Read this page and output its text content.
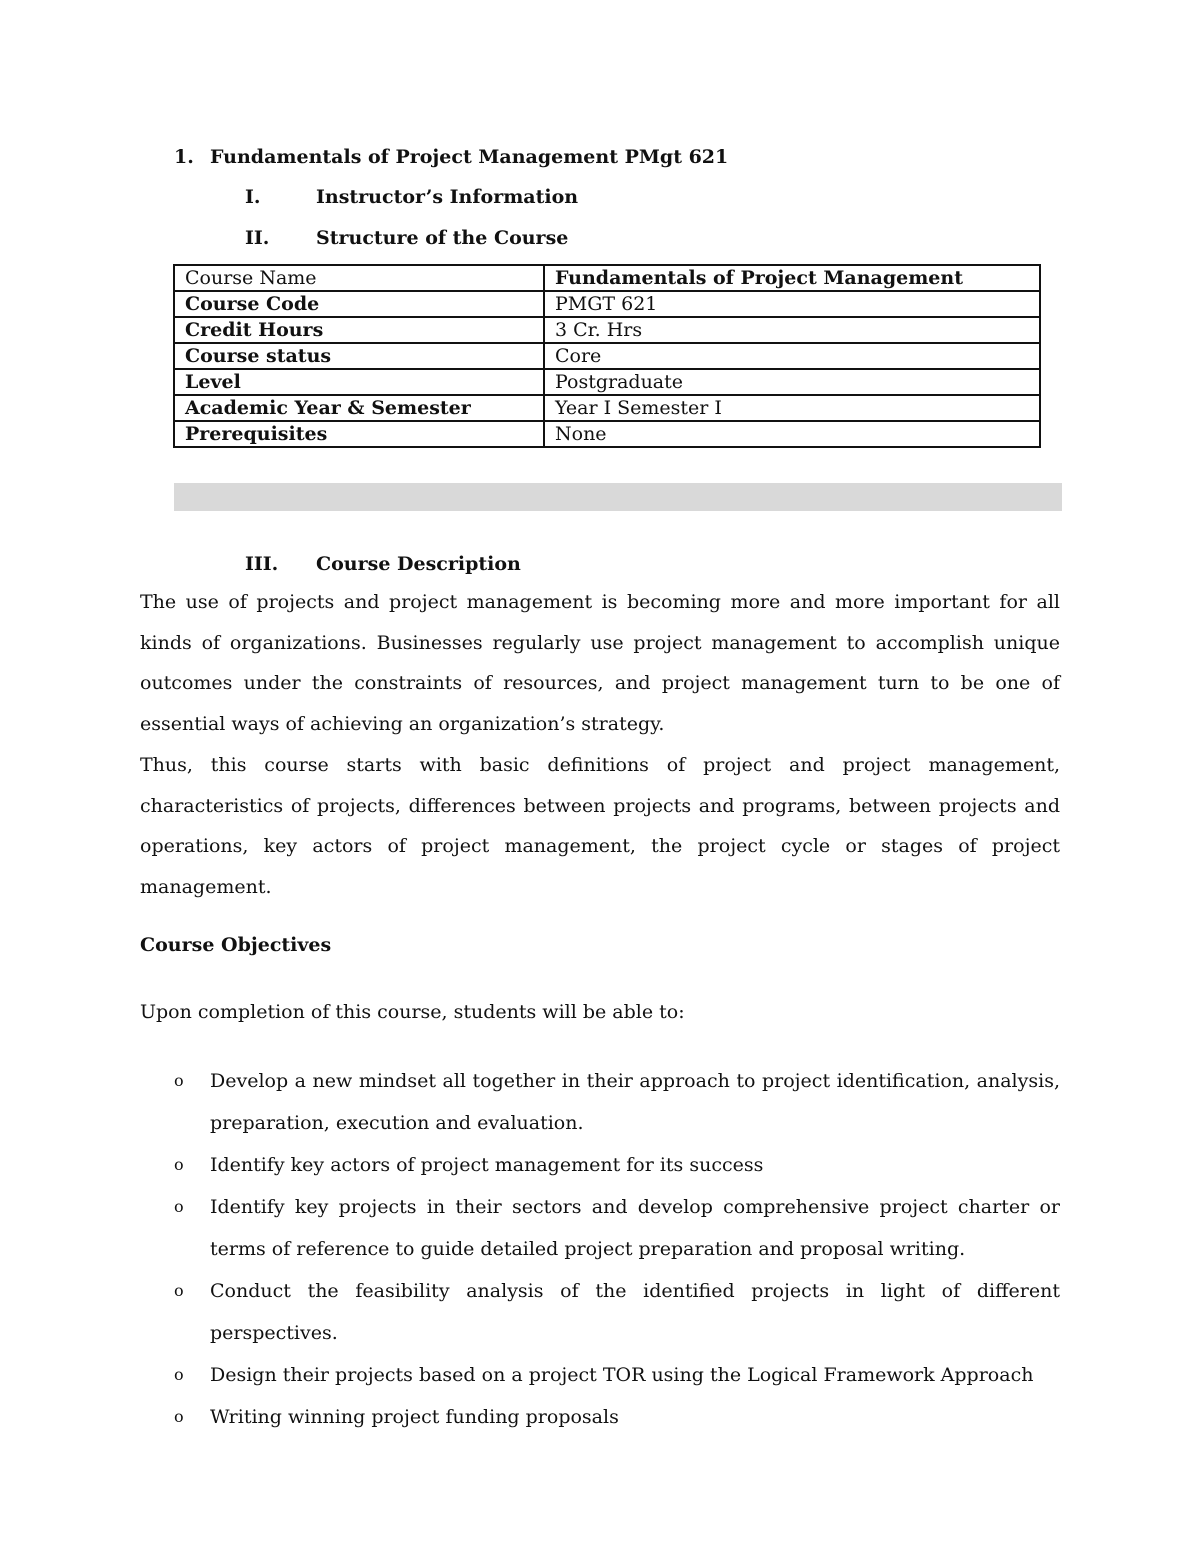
1. Fundamentals of Project Management PMgt 621
I.	Instructor’s Information
II. Structure of the Course
Course Name	Fundamentals of Project Management
Course Code	PMGT 621
Credit Hours	3 Cr. Hrs
Course status	Core
Level	Postgraduate
Academic Year & Semester	Year I Semester I
Prerequisites	None
III. Course Description
The use of projects and project management is becoming more and more important for all kinds of organizations. Businesses regularly use project management to accomplish unique outcomes under the constraints of resources, and project management turn to be one of essential ways of achieving an organization’s strategy.
Thus, this course starts with basic definitions of project and project management, characteristics of projects, differences between projects and programs, between projects and operations, key actors of project management, the project cycle or stages of project management.
Course Objectives
Upon completion of this course, students will be able to:
o Develop a new mindset all together in their approach to project identification, analysis, preparation, execution and evaluation.
o Identify key actors of project management for its success
o Identify key projects in their sectors and develop comprehensive project charter or terms of reference to guide detailed project preparation and proposal writing.
o Conduct the feasibility analysis of the identified projects in light of different perspectives.
o Design their projects based on a project TOR using the Logical Framework Approach
o Writing winning project funding proposals
